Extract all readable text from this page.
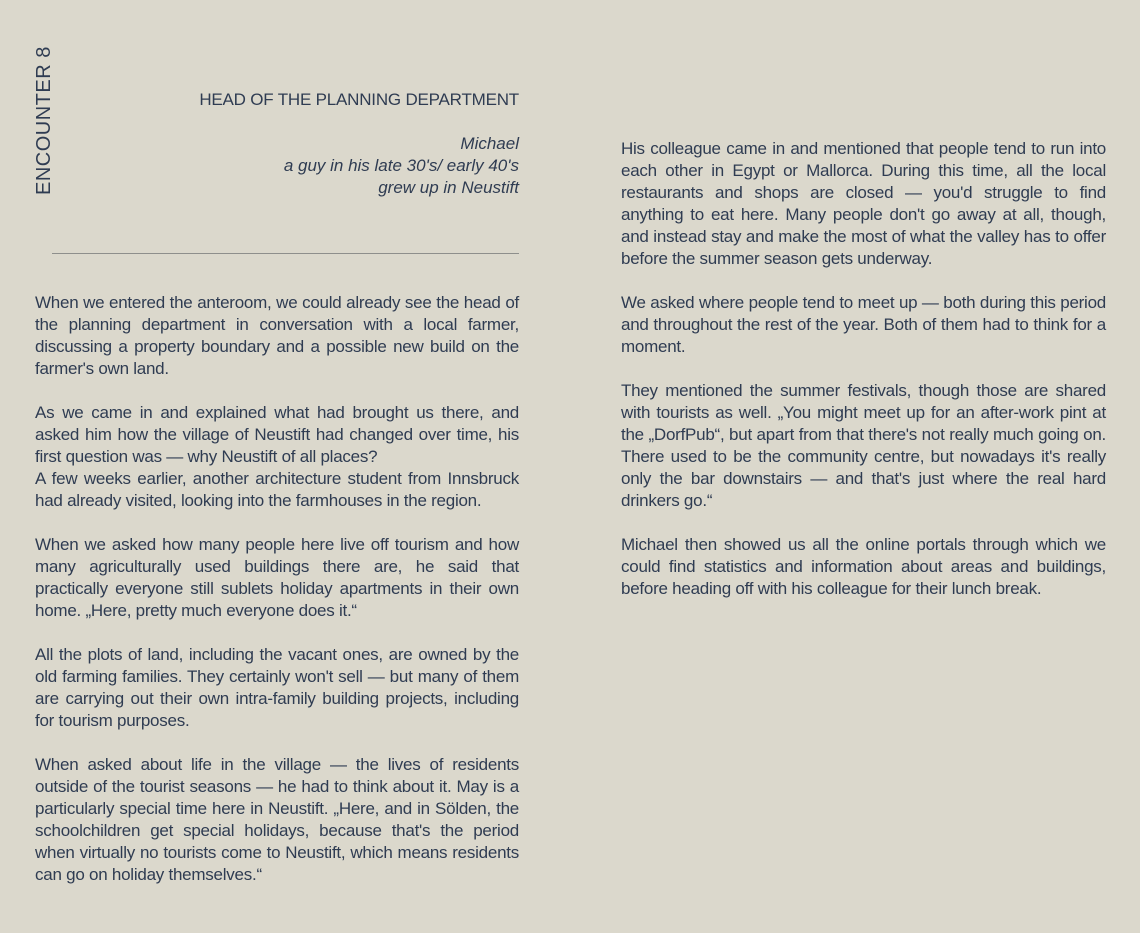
ENCOUNTER 8	HEAD OF THE PLANNING DEPARTMENT
Michael
a guy in his late 30's/ early 40's
grew up in Neustift

When we entered the anteroom, we could already see the head of the planning department in conversation with a local farmer, discussing a property boundary and a possible new build on the farmer's own land.

As we came in and explained what had brought us there, and asked him how the village of Neustift had changed over time, his first question was — why Neustift of all places?
A few weeks earlier, another architecture student from Innsbruck had already visited, looking into the farmhouses in the region.

When we asked how many people here live off tourism and how many agriculturally used buildings there are, he said that practically everyone still sublets holiday apartments in their own home. „Here, pretty much everyone does it.“

All the plots of land, including the vacant ones, are owned by the old farming families. They certainly won't sell — but many of them are carrying out their own intra-family building projects, including for tourism purposes.

When asked about life in the village — the lives of residents outside of the tourist seasons — he had to think about it. May is a particularly special time here in Neustift. „Here, and in Sölden, the schoolchildren get special holidays, because that's the period when virtually no tourists come to Neustift, which means residents can go on holiday themselves.“

His colleague came in and mentioned that people tend to run into each other in Egypt or Mallorca. During this time, all the local restaurants and shops are closed — you'd struggle to find anything to eat here. Many people don't go away at all, though, and instead stay and make the most of what the valley has to offer before the summer season gets underway.

We asked where people tend to meet up — both during this period and throughout the rest of the year. Both of them had to think for a moment.

They mentioned the summer festivals, though those are shared with tourists as well. „You might meet up for an after-work pint at the „DorfPub“, but apart from that there's not really much going on. There used to be the community centre, but nowadays it's really only the bar downstairs — and that's just where the real hard drinkers go.“

Michael then showed us all the online portals through which we could find statistics and information about areas and buildings, before heading off with his colleague for their lunch break.
